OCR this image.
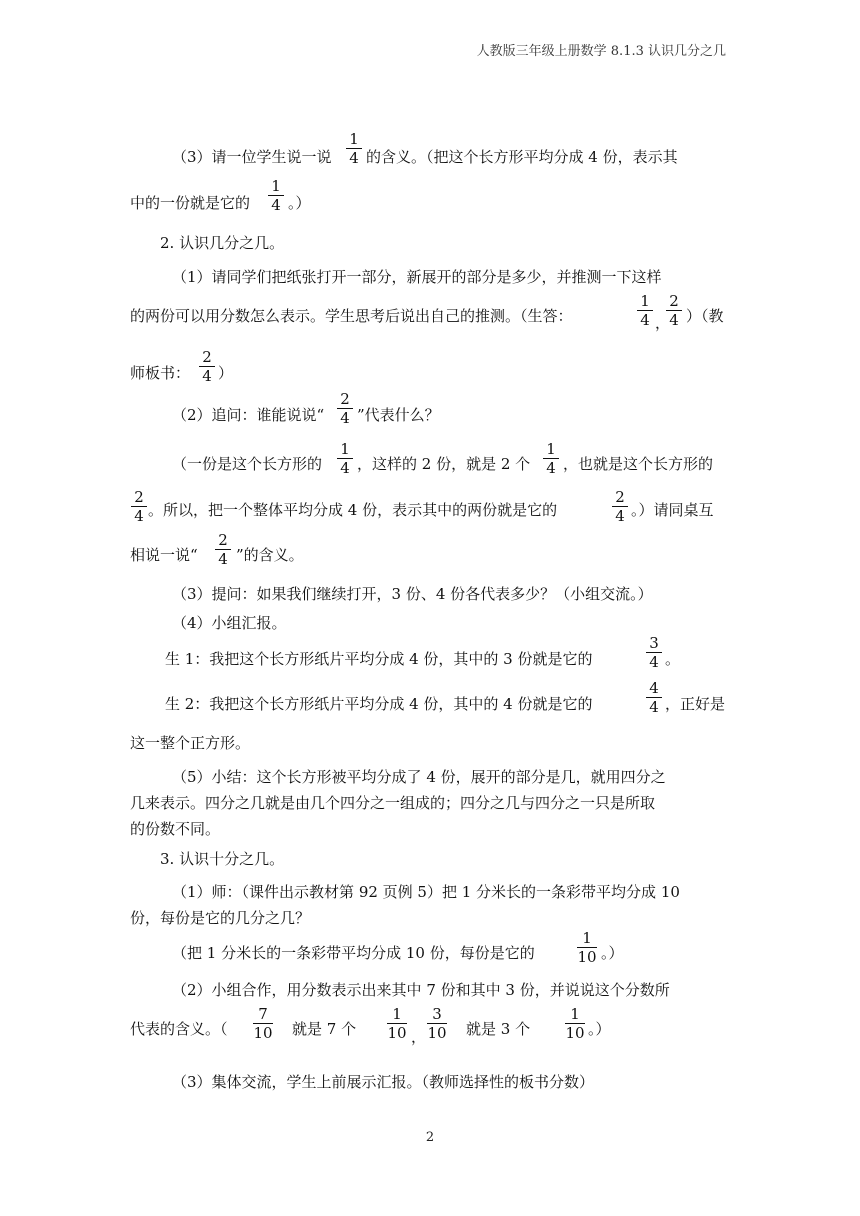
人教版三年级上册数学 8.1.3 认识几分之几
（3）请一位学生说一说
1
4 的含义。（把这个长方形平均分成 4 份，表示其
中的一份就是它的
1
4 。）
2. 认识几分之几。
（1）请同学们把纸张打开一部分，新展开的部分是多少，并推测一下这样
的两份可以用分数怎么表示。学生思考后说出自己的推测。（生答：
1
4 ，
2
4 ）（教
师板书：
2
4 ）
（2）追问：谁能说说“
2
4 ”代表什么？
（一份是这个长方形的
1
4 ，这样的 2 份，就是 2 个
1
4 ，也就是这个长方形的
2
4 。所以，把一个整体平均分成 4 份，表示其中的两份就是它的
2
4 。）请同桌互
相说一说“
2
4 ”的含义。
（3）提问：如果我们继续打开，3 份、4 份各代表多少？（小组交流。）
（4）小组汇报。
生 1：我把这个长方形纸片平均分成 4 份，其中的 3 份就是它的
3
4 。
生 2：我把这个长方形纸片平均分成 4 份，其中的 4 份就是它的
4
4 ，正好是
这一整个正方形。
（5）小结：这个长方形被平均分成了 4 份，展开的部分是几，就用四分之
几来表示。四分之几就是由几个四分之一组成的；四分之几与四分之一只是所取
的份数不同。
3. 认识十分之几。
（1）师：（课件出示教材第 92 页例 5）把 1 分米长的一条彩带平均分成 10
份，每份是它的几分之几？
（把 1 分米长的一条彩带平均分成 10 份，每份是它的
1
10 。）
（2）小组合作，用分数表示出来其中 7 份和其中 3 份，并说说这个分数所
代表的含义。（
7
10 就是 7 个
1
10 ，
3
10 就是 3 个
1
10 。）
（3）集体交流，学生上前展示汇报。（教师选择性的板书分数）
2
